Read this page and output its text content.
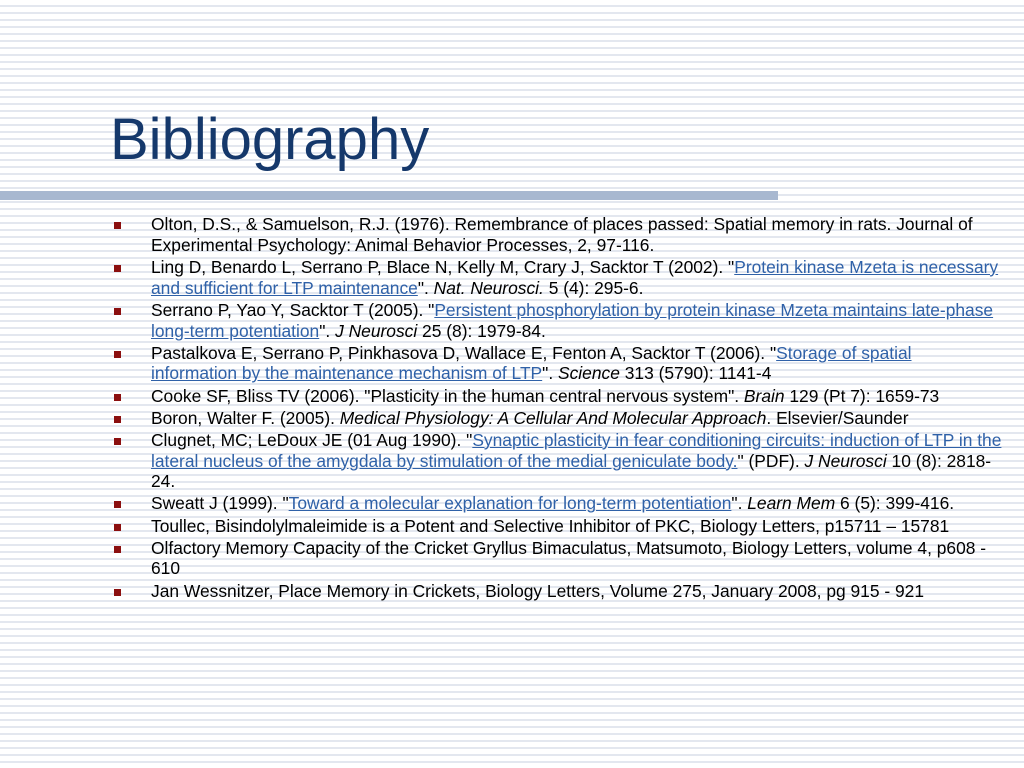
Bibliography
Olton, D.S., & Samuelson, R.J. (1976). Remembrance of places passed: Spatial memory in rats. Journal of Experimental Psychology: Animal Behavior Processes, 2, 97-116.
Ling D, Benardo L, Serrano P, Blace N, Kelly M, Crary J, Sacktor T (2002). "Protein kinase Mzeta is necessary and sufficient for LTP maintenance". Nat. Neurosci. 5 (4): 295-6.
Serrano P, Yao Y, Sacktor T (2005). "Persistent phosphorylation by protein kinase Mzeta maintains late-phase long-term potentiation". J Neurosci 25 (8): 1979-84.
Pastalkova E, Serrano P, Pinkhasova D, Wallace E, Fenton A, Sacktor T (2006). "Storage of spatial information by the maintenance mechanism of LTP". Science 313 (5790): 1141-4
Cooke SF, Bliss TV (2006). "Plasticity in the human central nervous system". Brain 129 (Pt 7): 1659-73
Boron, Walter F. (2005). Medical Physiology: A Cellular And Molecular Approach. Elsevier/Saunder
Clugnet, MC; LeDoux JE (01 Aug 1990). "Synaptic plasticity in fear conditioning circuits: induction of LTP in the lateral nucleus of the amygdala by stimulation of the medial geniculate body." (PDF). J Neurosci 10 (8): 2818-24.
Sweatt J (1999). "Toward a molecular explanation for long-term potentiation". Learn Mem 6 (5): 399-416.
Toullec, Bisindolylmaleimide is a Potent and Selective Inhibitor of PKC, Biology Letters, p15711 – 15781
Olfactory Memory Capacity of the Cricket Gryllus Bimaculatus, Matsumoto, Biology Letters, volume 4, p608 - 610
Jan Wessnitzer, Place Memory in Crickets, Biology Letters, Volume 275, January 2008, pg 915 - 921
